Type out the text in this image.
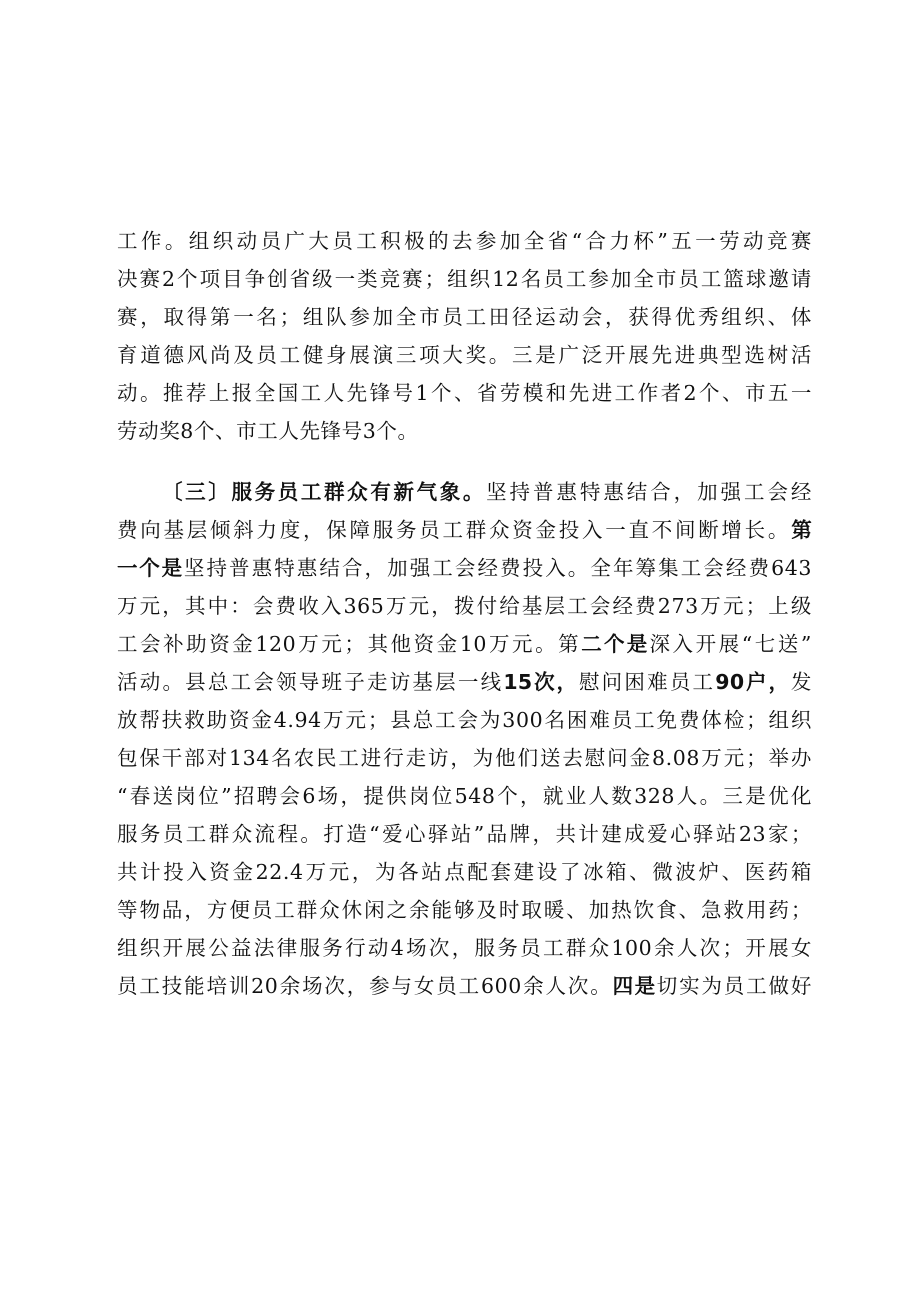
工作。组织动员广大员工积极的去参加全省“合力杯”五一劳动竞赛
决赛2个项目争创省级一类竞赛；组织12名员工参加全市员工篮球邀请
赛，取得第一名；组队参加全市员工田径运动会，获得优秀组织、体
育道德风尚及员工健身展演三项大奖。三是广泛开展先进典型选树活
动。推荐上报全国工人先锋号1个、省劳模和先进工作者2个、市五一
劳动奖8个、市工人先锋号3个。
〔三〕服务员工群众有新气象。坚持普惠特惠结合，加强工会经
费向基层倾斜力度，保障服务员工群众资金投入一直不间断增长。第
一个是坚持普惠特惠结合，加强工会经费投入。全年筹集工会经费643
万元，其中：会费收入365万元，拨付给基层工会经费273万元；上级
工会补助资金120万元；其他资金10万元。第二个是深入开展“七送”
活动。县总工会领导班子走访基层一线15次，慰问困难员工90户，发
放帮扶救助资金4.94万元；县总工会为300名困难员工免费体检；组织
包保干部对134名农民工进行走访，为他们送去慰问金8.08万元；举办
“春送岗位”招聘会6场，提供岗位548个，就业人数328人。三是优化
服务员工群众流程。打造“爱心驿站”品牌，共计建成爱心驿站23家；
共计投入资金22.4万元，为各站点配套建设了冰箱、微波炉、医药箱
等物品，方便员工群众休闲之余能够及时取暖、加热饮食、急救用药；
组织开展公益法律服务行动4场次，服务员工群众100余人次；开展女
员工技能培训20余场次，参与女员工600余人次。四是切实为员工做好
